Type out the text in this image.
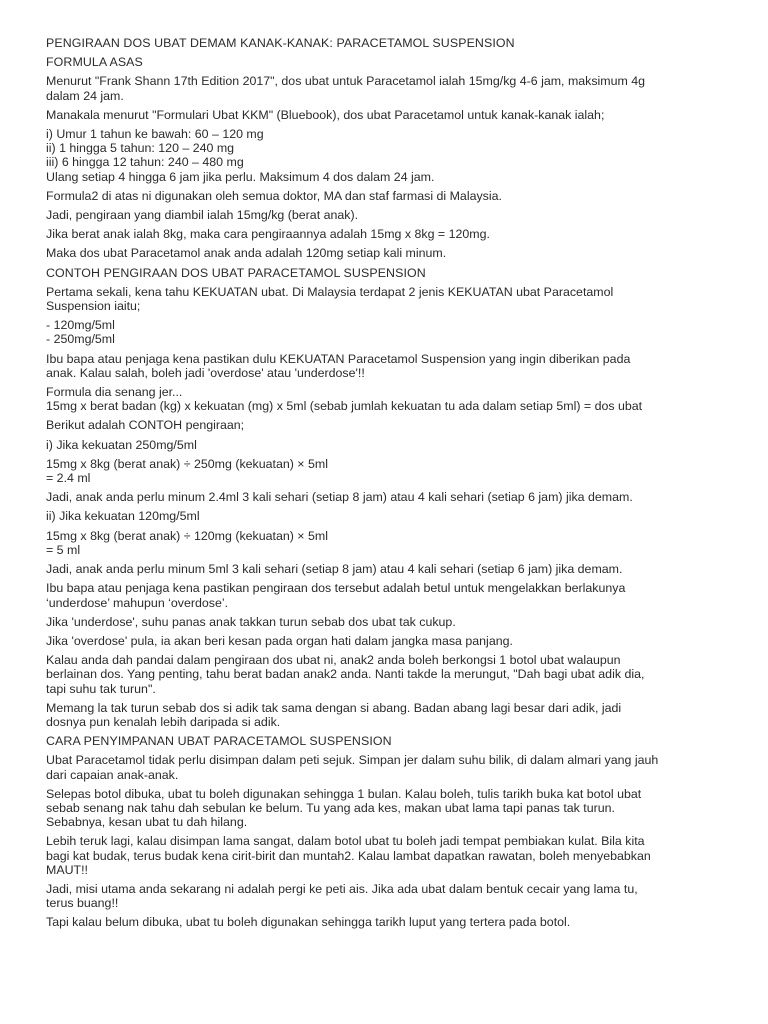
PENGIRAAN DOS UBAT DEMAM KANAK-KANAK: PARACETAMOL SUSPENSION
FORMULA ASAS

Menurut "Frank Shann 17th Edition 2017", dos ubat untuk Paracetamol ialah 15mg/kg 4-6 jam, maksimum 4g
dalam 24 jam.

Manakala menurut "Formulari Ubat KKM" (Bluebook), dos ubat Paracetamol untuk kanak-kanak ialah;

i) Umur 1 tahun ke bawah: 60 – 120 mg
ii) 1 hingga 5 tahun: 120 – 240 mg
iii) 6 hingga 12 tahun: 240 – 480 mg
Ulang setiap 4 hingga 6 jam jika perlu. Maksimum 4 dos dalam 24 jam.

Formula2 di atas ni digunakan oleh semua doktor, MA dan staf farmasi di Malaysia.

Jadi, pengiraan yang diambil ialah 15mg/kg (berat anak).

Jika berat anak ialah 8kg, maka cara pengiraannya adalah 15mg x 8kg = 120mg.

Maka dos ubat Paracetamol anak anda adalah 120mg setiap kali minum.

CONTOH PENGIRAAN DOS UBAT PARACETAMOL SUSPENSION

Pertama sekali, kena tahu KEKUATAN ubat. Di Malaysia terdapat 2 jenis KEKUATAN ubat Paracetamol
Suspension iaitu;

- 120mg/5ml
- 250mg/5ml

Ibu bapa atau penjaga kena pastikan dulu KEKUATAN Paracetamol Suspension yang ingin diberikan pada
anak. Kalau salah, boleh jadi 'overdose' atau 'underdose'!!

Formula dia senang jer...
15mg x berat badan (kg) x kekuatan (mg) x 5ml (sebab jumlah kekuatan tu ada dalam setiap 5ml) = dos ubat

Berikut adalah CONTOH pengiraan;

i) Jika kekuatan 250mg/5ml

15mg x 8kg (berat anak) ÷ 250mg (kekuatan) × 5ml
= 2.4 ml

Jadi, anak anda perlu minum 2.4ml 3 kali sehari (setiap 8 jam) atau 4 kali sehari (setiap 6 jam) jika demam.

ii) Jika kekuatan 120mg/5ml

15mg x 8kg (berat anak) ÷ 120mg (kekuatan) × 5ml
= 5 ml

Jadi, anak anda perlu minum 5ml 3 kali sehari (setiap 8 jam) atau 4 kali sehari (setiap 6 jam) jika demam.

Ibu bapa atau penjaga kena pastikan pengiraan dos tersebut adalah betul untuk mengelakkan berlakunya
‘underdose’ mahupun ‘overdose’.

Jika 'underdose', suhu panas anak takkan turun sebab dos ubat tak cukup.

Jika 'overdose' pula, ia akan beri kesan pada organ hati dalam jangka masa panjang.

Kalau anda dah pandai dalam pengiraan dos ubat ni, anak2 anda boleh berkongsi 1 botol ubat walaupun
berlainan dos. Yang penting, tahu berat badan anak2 anda. Nanti takde la merungut, "Dah bagi ubat adik dia,
tapi suhu tak turun".

Memang la tak turun sebab dos si adik tak sama dengan si abang. Badan abang lagi besar dari adik, jadi
dosnya pun kenalah lebih daripada si adik.

CARA PENYIMPANAN UBAT PARACETAMOL SUSPENSION

Ubat Paracetamol tidak perlu disimpan dalam peti sejuk. Simpan jer dalam suhu bilik, di dalam almari yang jauh
dari capaian anak-anak.

Selepas botol dibuka, ubat tu boleh digunakan sehingga 1 bulan. Kalau boleh, tulis tarikh buka kat botol ubat
sebab senang nak tahu dah sebulan ke belum. Tu yang ada kes, makan ubat lama tapi panas tak turun.
Sebabnya, kesan ubat tu dah hilang.

Lebih teruk lagi, kalau disimpan lama sangat, dalam botol ubat tu boleh jadi tempat pembiakan kulat. Bila kita
bagi kat budak, terus budak kena cirit-birit dan muntah2. Kalau lambat dapatkan rawatan, boleh menyebabkan
MAUT!!

Jadi, misi utama anda sekarang ni adalah pergi ke peti ais. Jika ada ubat dalam bentuk cecair yang lama tu,
terus buang!!

Tapi kalau belum dibuka, ubat tu boleh digunakan sehingga tarikh luput yang tertera pada botol.
